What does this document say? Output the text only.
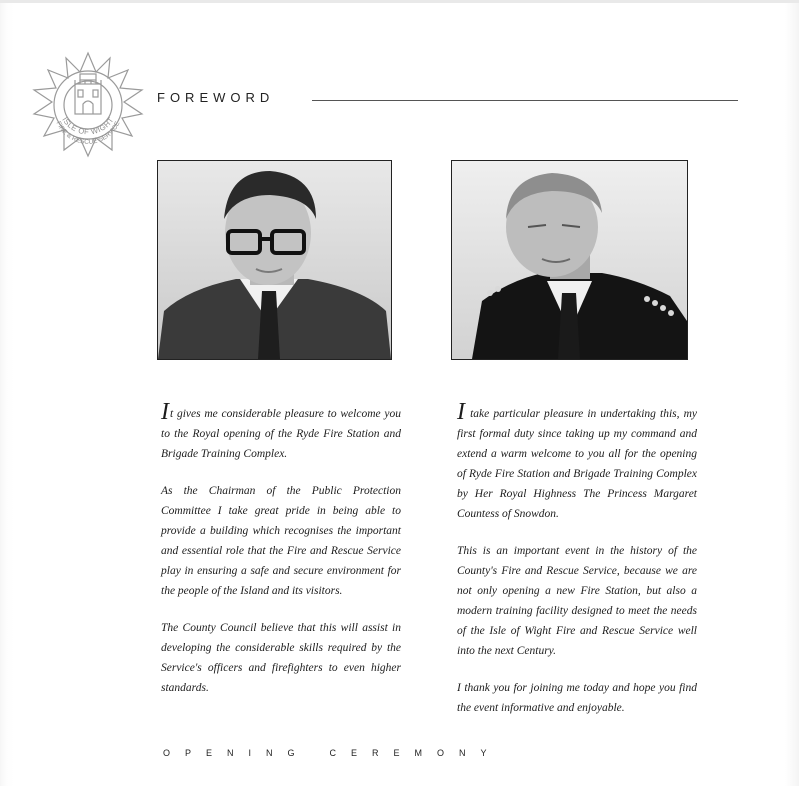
ISLE OF WIGHT
FIRE & RESCUE SERVICE
FOREWORD

It gives me considerable pleasure to welcome you to the Royal opening of the Ryde Fire Station and Brigade Training Complex.

As the Chairman of the Public Protection Committee I take great pride in being able to provide a building which recognises the important and essential role that the Fire and Rescue Service play in ensuring a safe and secure environment for the people of the Island and its visitors.

The County Council believe that this will assist in developing the considerable skills required by the Service's officers and firefighters to even higher standards.

I take particular pleasure in undertaking this, my first formal duty since taking up my command and extend a warm welcome to you all for the opening of Ryde Fire Station and Brigade Training Complex by Her Royal Highness The Princess Margaret Countess of Snowdon.

This is an important event in the history of the County's Fire and Rescue Service, because we are not only opening a new Fire Station, but also a modern training facility designed to meet the needs of the Isle of Wight Fire and Rescue Service well into the next Century.

I thank you for joining me today and hope you find the event informative and enjoyable.

OPENING CEREMONY
